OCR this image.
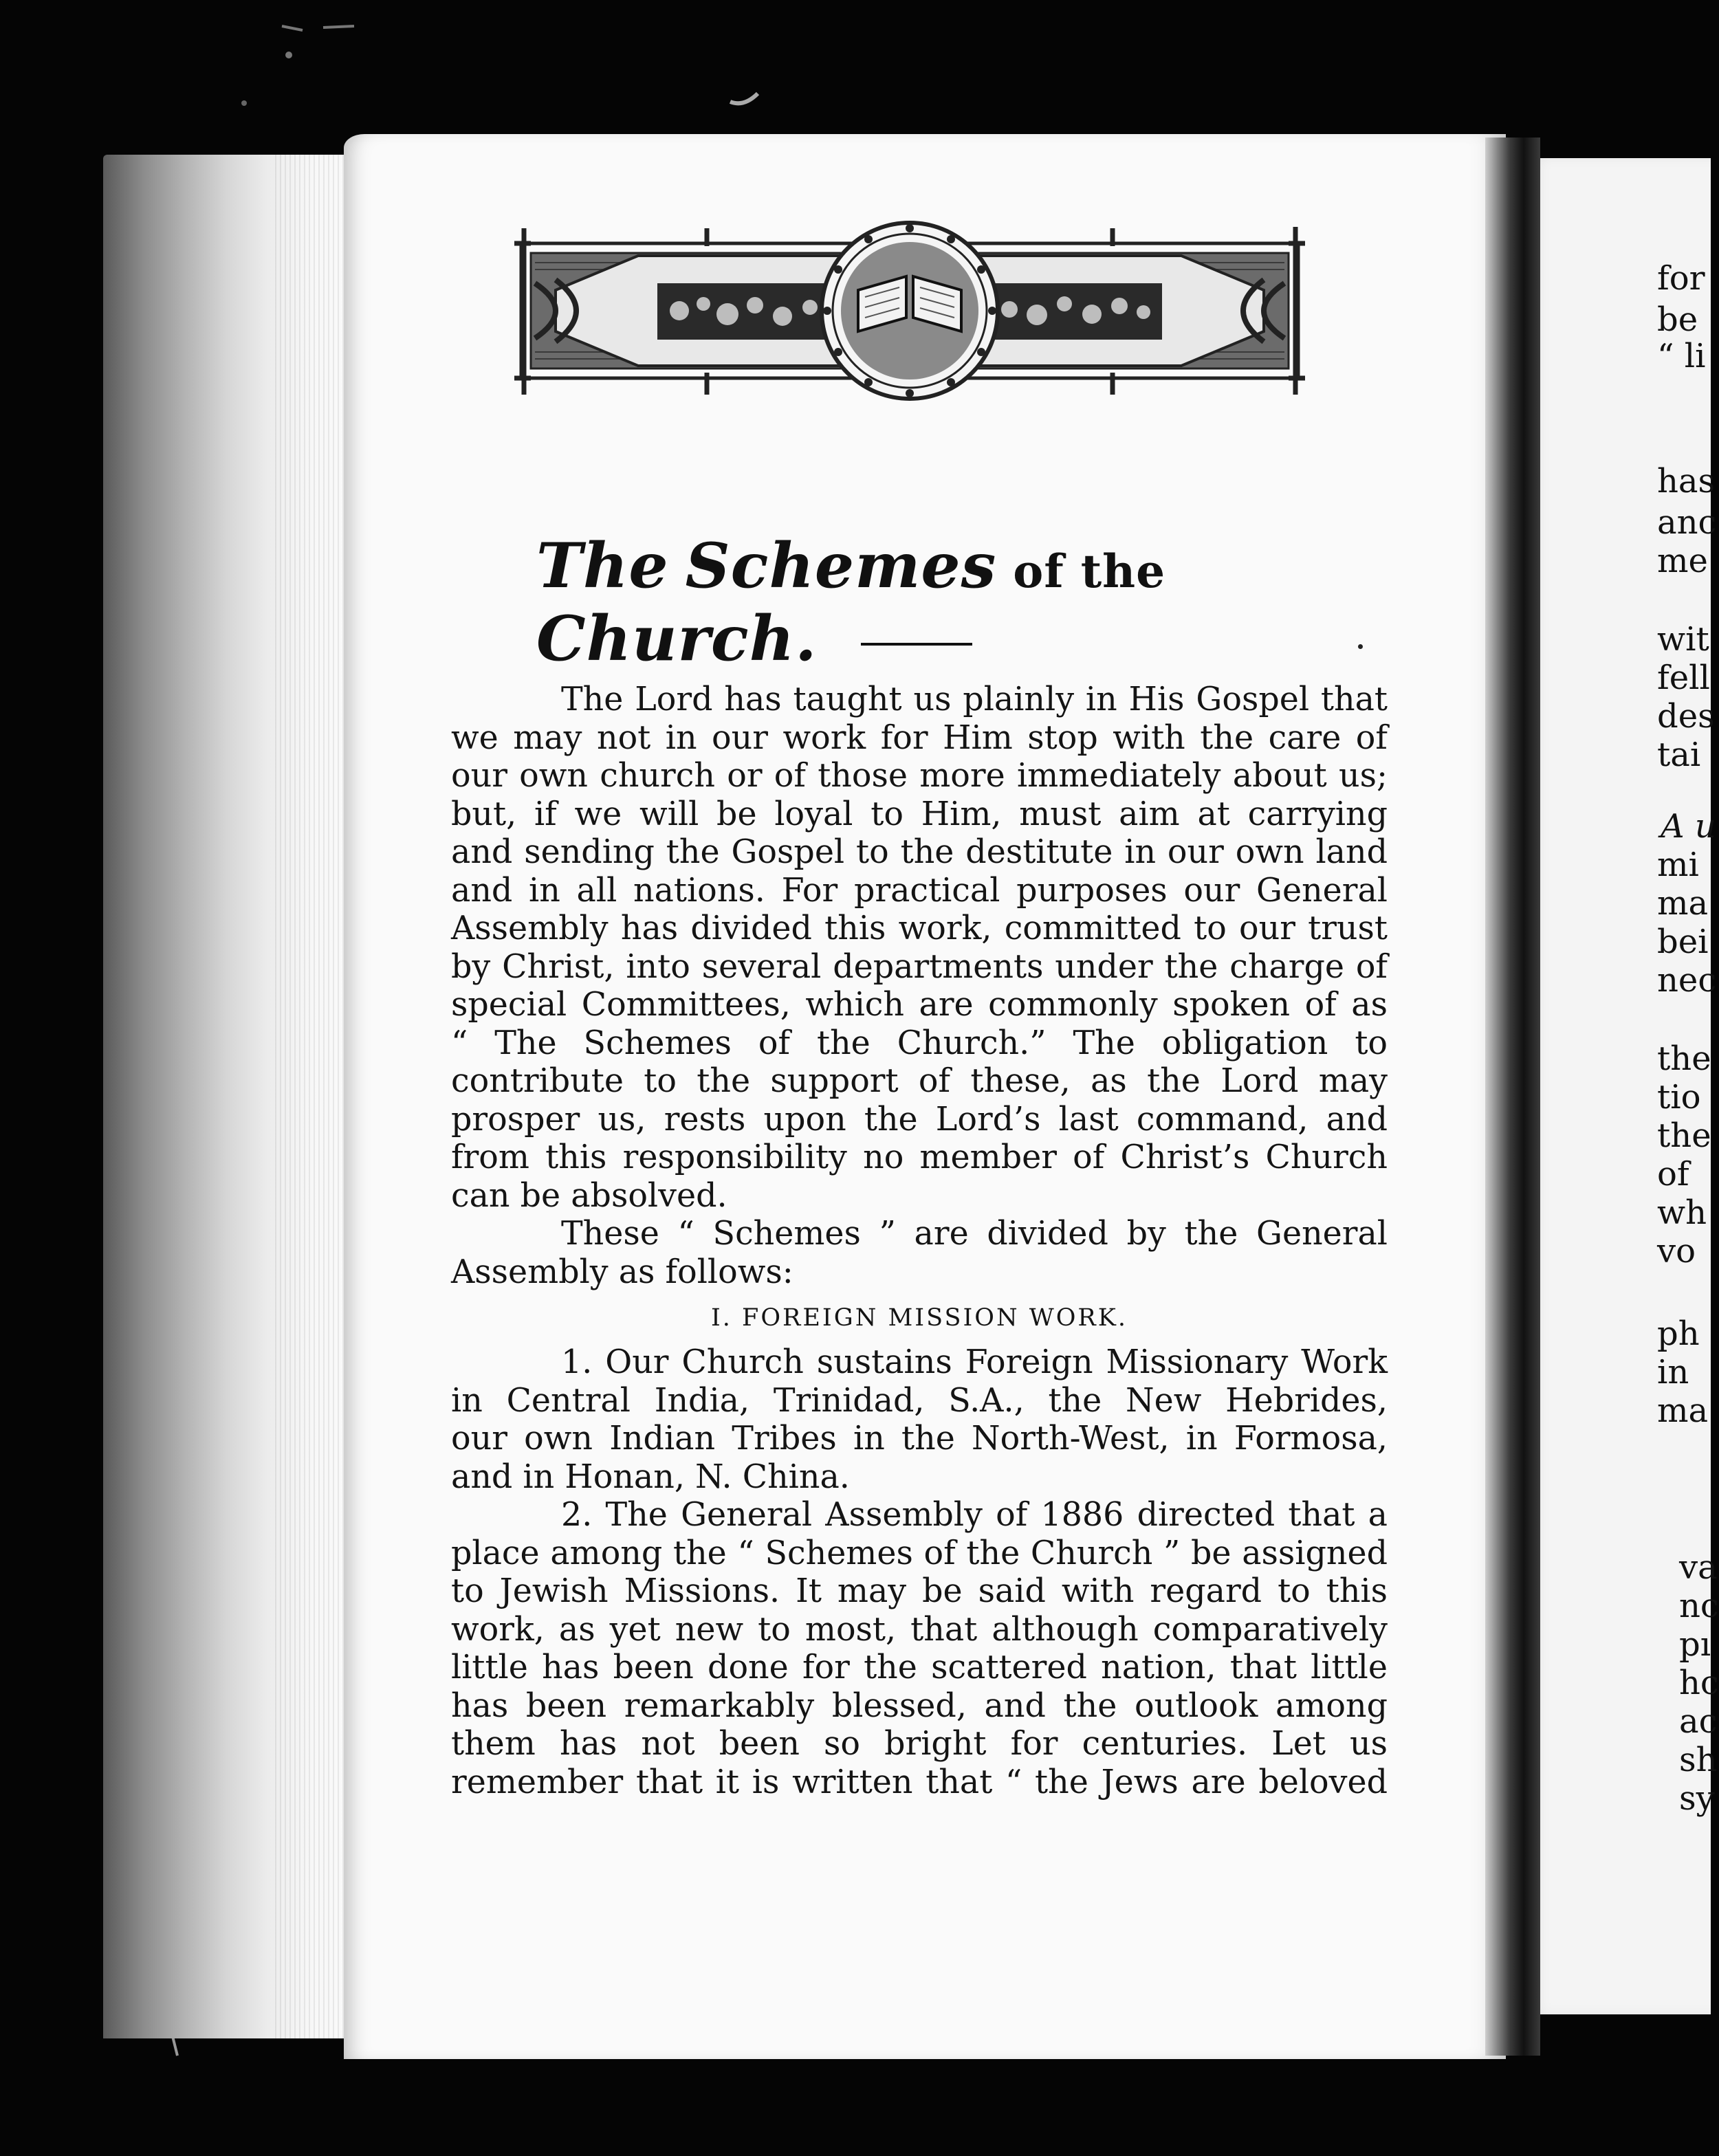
for
be
“ li
has
anc
me
wit
fell
des
tai
A u
mi
ma
bei
nec
the
tio
the
of
wh
vo
ph
in
ma
va
nc
pı
hc
ac
sh
sy
The Schemes of the Church.
The Lord has taught us plainly in His Gospel that
we may not in our work for Him stop with the care of
our own church or of those more immediately about us;
but, if we will be loyal to Him, must aim at carrying
and sending the Gospel to the destitute in our own land
and in all nations. For practical purposes our General
Assembly has divided this work, committed to our trust
by Christ, into several departments under the charge of
special Committees, which are commonly spoken of as
“ The Schemes of the Church.” The obligation to
contribute to the support of these, as the Lord may
prosper us, rests upon the Lord’s last command, and
from this responsibility no member of Christ’s Church
can be absolved.
These “ Schemes ” are divided by the General
Assembly as follows:
I. FOREIGN MISSION WORK.
1. Our Church sustains Foreign Missionary Work
in Central India, Trinidad, S.A., the New Hebrides,
our own Indian Tribes in the North-West, in Formosa,
and in Honan, N. China.
2. The General Assembly of 1886 directed that a
place among the “ Schemes of the Church ” be assigned
to Jewish Missions. It may be said with regard to this
work, as yet new to most, that although comparatively
little has been done for the scattered nation, that little
has been remarkably blessed, and the outlook among
them has not been so bright for centuries. Let us
remember that it is written that “ the Jews are beloved
